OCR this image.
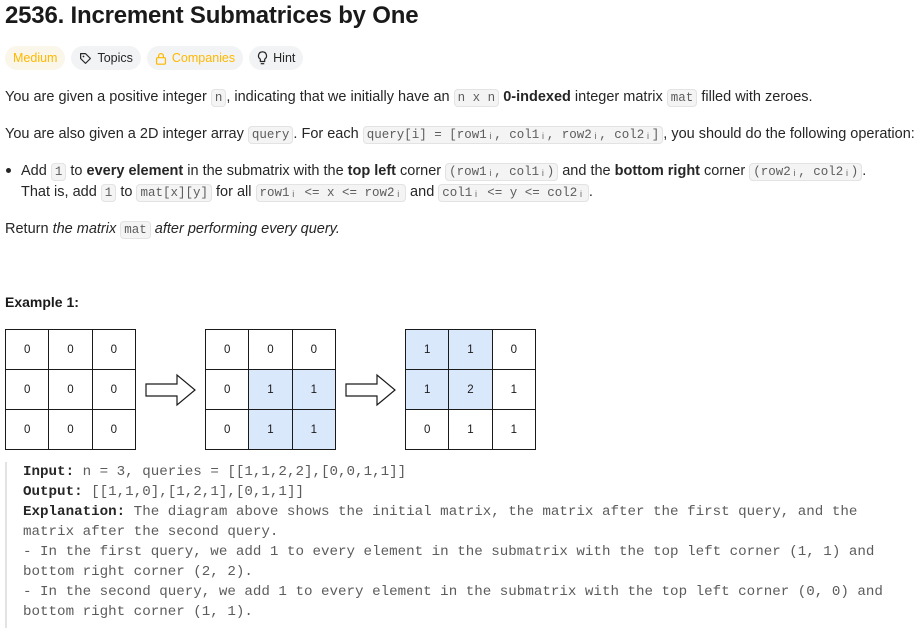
2536. Increment Submatrices by One
Medium	Topics	Companies	Hint

You are given a positive integer n , indicating that we initially have an n x n 0-indexed integer matrix mat filled with zeroes.

You are also given a 2D integer array query . For each query[i] = [row1ᵢ, col1ᵢ, row2ᵢ, col2ᵢ] , you should do the following operation:

Add 1 to every element in the submatrix with the top left corner (row1ᵢ, col1ᵢ) and the bottom right corner (row2ᵢ, col2ᵢ) .

That is, add 1 to mat[x][y] for all row1ᵢ <= x <= row2ᵢ and col1ᵢ <= y <= col2ᵢ .

Return the matrix mat after performing every query.

Example 1:
0	0	0
0	0	0
0	0	0
0	0	0
0	1	1
0	1	1
1	1	0
1	2	1
0	1	1
Input: n = 3, queries = [[1,1,2,2],[0,0,1,1]]
Output: [[1,1,0],[1,2,1],[0,1,1]]
Explanation: The diagram above shows the initial matrix, the matrix after the first query, and the
matrix after the second query.
- In the first query, we add 1 to every element in the submatrix with the top left corner (1, 1) and
bottom right corner (2, 2).
- In the second query, we add 1 to every element in the submatrix with the top left corner (0, 0) and
bottom right corner (1, 1).
